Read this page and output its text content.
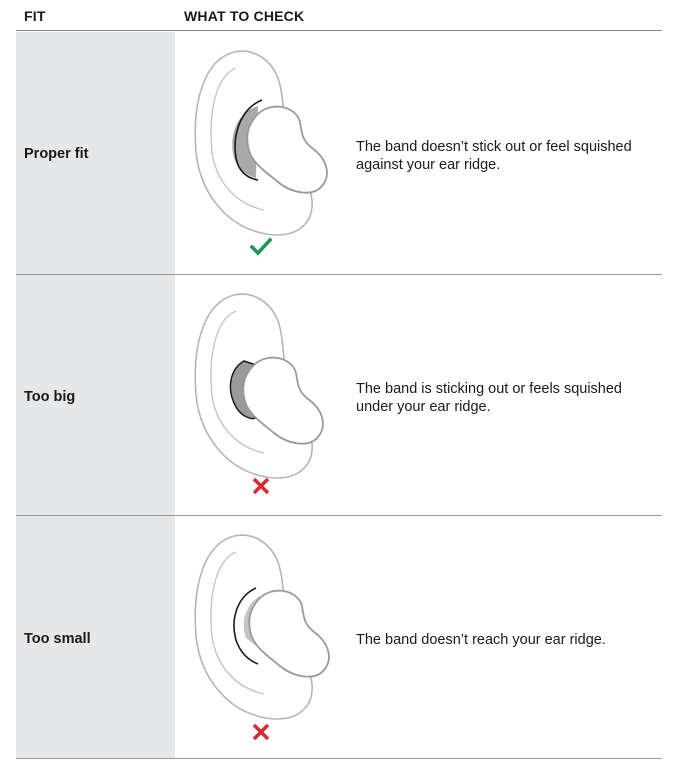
FIT	WHAT TO CHECK
Proper fit	The band doesn’t stick out or feel squished against your ear ridge.
Too big	The band is sticking out or feels squished under your ear ridge.
Too small	The band doesn’t reach your ear ridge.
